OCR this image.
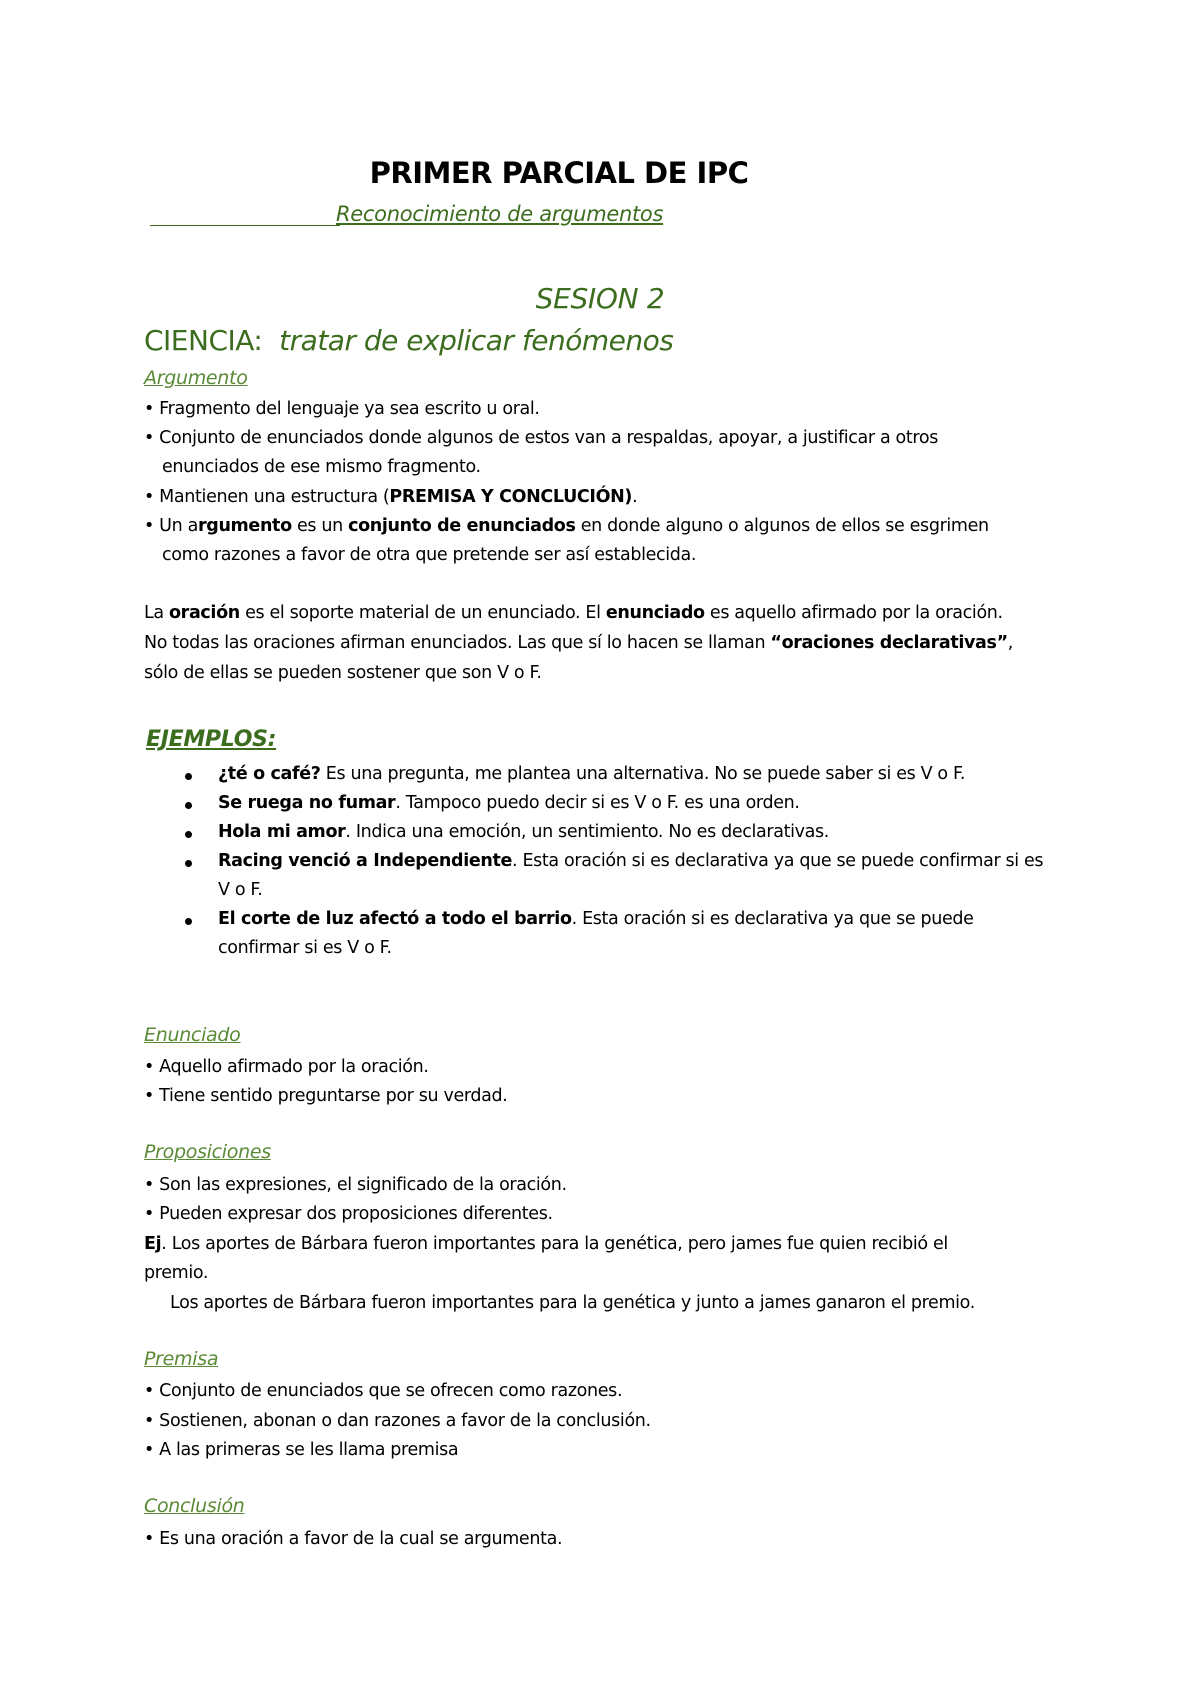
PRIMER PARCIAL DE IPC
Reconocimiento de argumentos
SESION 2
CIENCIA: tratar de explicar fenómenos
Argumento
• Fragmento del lenguaje ya sea escrito u oral.
• Conjunto de enunciados donde algunos de estos van a respaldas, apoyar, a justificar a otros
enunciados de ese mismo fragmento.
• Mantienen una estructura (PREMISA Y CONCLUCIÓN).
• Un argumento es un conjunto de enunciados en donde alguno o algunos de ellos se esgrimen
como razones a favor de otra que pretende ser así establecida.
La oración es el soporte material de un enunciado. El enunciado es aquello afirmado por la oración.
No todas las oraciones afirman enunciados. Las que sí lo hacen se llaman “oraciones declarativas”,
sólo de ellas se pueden sostener que son V o F.
EJEMPLOS:
¿té o café? Es una pregunta, me plantea una alternativa. No se puede saber si es V o F.
Se ruega no fumar. Tampoco puedo decir si es V o F. es una orden.
Hola mi amor. Indica una emoción, un sentimiento. No es declarativas.
Racing venció a Independiente. Esta oración si es declarativa ya que se puede confirmar si es
V o F.
El corte de luz afectó a todo el barrio. Esta oración si es declarativa ya que se puede
confirmar si es V o F.
Enunciado
• Aquello afirmado por la oración.
• Tiene sentido preguntarse por su verdad.
Proposiciones
• Son las expresiones, el significado de la oración.
• Pueden expresar dos proposiciones diferentes.
Ej. Los aportes de Bárbara fueron importantes para la genética, pero james fue quien recibió el
premio.
Los aportes de Bárbara fueron importantes para la genética y junto a james ganaron el premio.
Premisa
• Conjunto de enunciados que se ofrecen como razones.
• Sostienen, abonan o dan razones a favor de la conclusión.
• A las primeras se les llama premisa
Conclusión
• Es una oración a favor de la cual se argumenta.
